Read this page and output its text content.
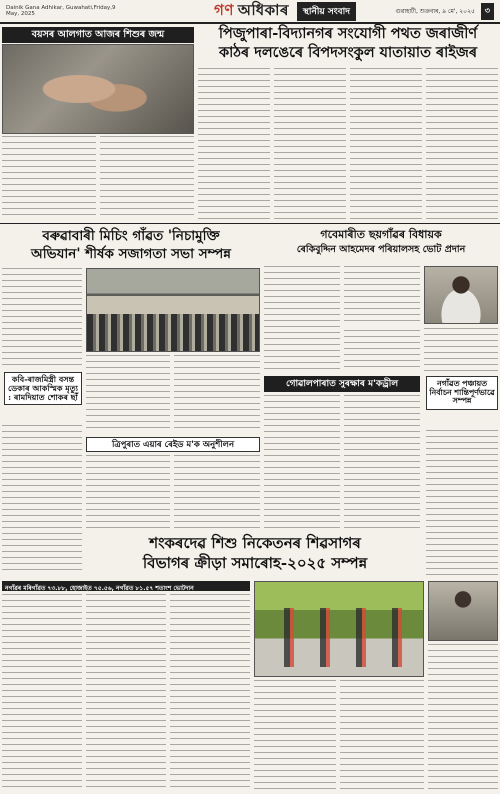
Dainik Gana Adhikar, Guwahati,Friday,9 May, 2025	গণ অধিকাৰ	স্থানীয় সংবাদ	গুৱাহাটী, শুক্ৰবাৰ, ৯ মে', ২০২৫ ৩
বয়সৰ আলগাত আজৰ শিশুৰ জন্ম	পিজুপাৰা-বিদ্যানগৰ সংযোগী পথত জৰাজীৰ্ণ
কাঠৰ দলঙেৰে বিপদসংকুল যাতায়াত ৰাইজৰ
বৰুৱাবাৰী মিচিং গাঁৱত 'নিচামুক্তি
অভিযান' শীৰ্ষক সজাগতা সভা সম্পন্ন
গবেমাৰীত ছয়গাঁৱৰ বিধায়ক
ৰেকিবুদ্দিন আহমেদৰ পৰিয়ালসহ ভোট প্ৰদান
কবি-ৰাজমিস্ত্ৰী বসন্ত ডেকাৰ আকস্মিক মৃত্যু : ৰামদিয়াত শোকৰ ছাঁ
গোৱালপাৰাত সুৰক্ষাৰ ম'কড্ৰীল	নগাঁৱত পঞ্চায়ত নিৰ্বাচন শান্তিপূৰ্ণভাৱে সম্পন্ন
ত্ৰিপুৰাত এয়াৰ ৰেইড ম'ক অনুশীলন
শংকৰদেৱ শিশু নিকেতনৰ শিৱসাগৰ
বিভাগৰ ক্ৰীড়া সমাৰোহ-২০২৫ সম্পন্ন
নগাঁৱৰ মৰিগাঁৱত ৭৩.৮৮, হোজাইত ৭৫.৫৬, নগাঁৱত ৮১.৫৭ শতাংশ ভোটদান
